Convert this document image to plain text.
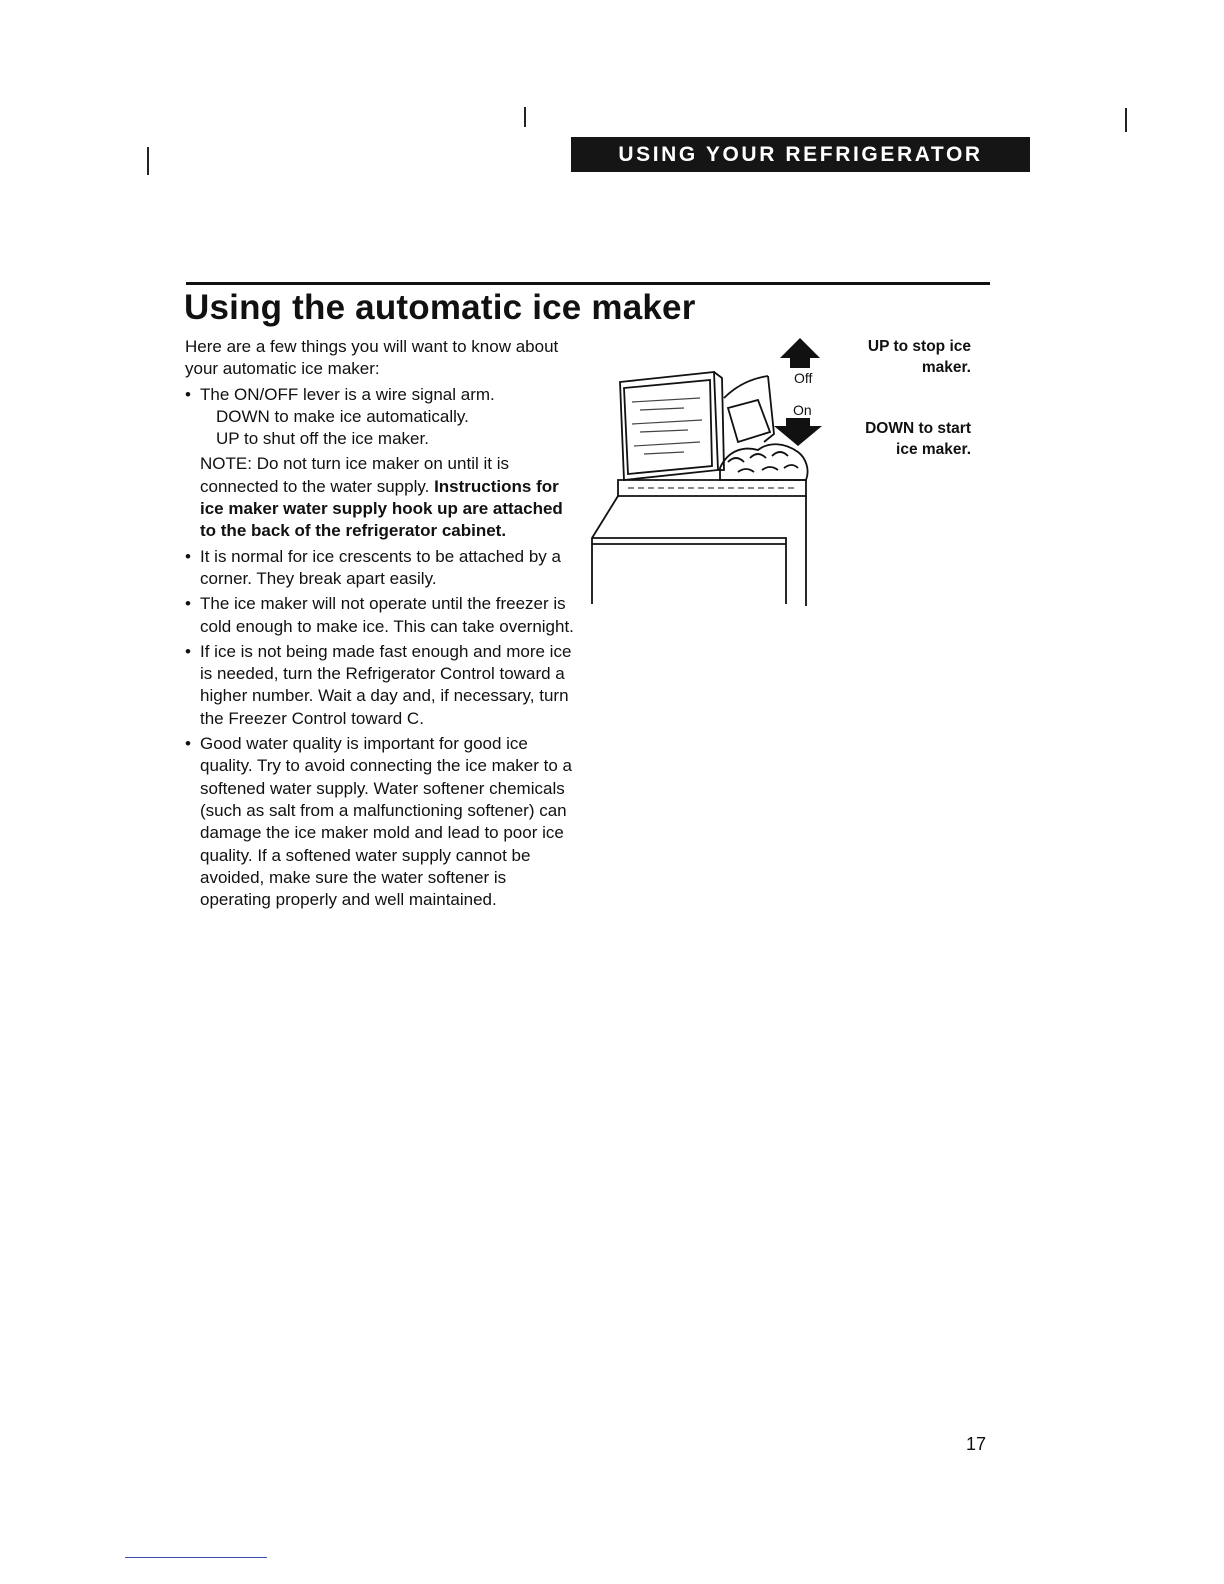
USING YOUR REFRIGERATOR
Using the automatic ice maker

Here are a few things you will want to know about your automatic ice maker:

• The ON/OFF lever is a wire signal arm.

DOWN to make ice automatically.

UP to shut off the ice maker.

NOTE: Do not turn ice maker on until it is connected to the water supply. Instructions for ice maker water supply hook up are attached to the back of the refrigerator cabinet.

• It is normal for ice crescents to be attached by a corner. They break apart easily.

• The ice maker will not operate until the freezer is cold enough to make ice. This can take overnight.

• If ice is not being made fast enough and more ice is needed, turn the Refrigerator Control toward a higher number. Wait a day and, if necessary, turn the Freezer Control toward C.

• Good water quality is important for good ice quality. Try to avoid connecting the ice maker to a softened water supply. Water softener chemicals (such as salt from a malfunctioning softener) can damage the ice maker mold and lead to poor ice quality. If a softened water supply cannot be avoided, make sure the water softener is operating properly and well maintained.

Off
On
UP to stop ice maker.
DOWN to start ice maker.
17
